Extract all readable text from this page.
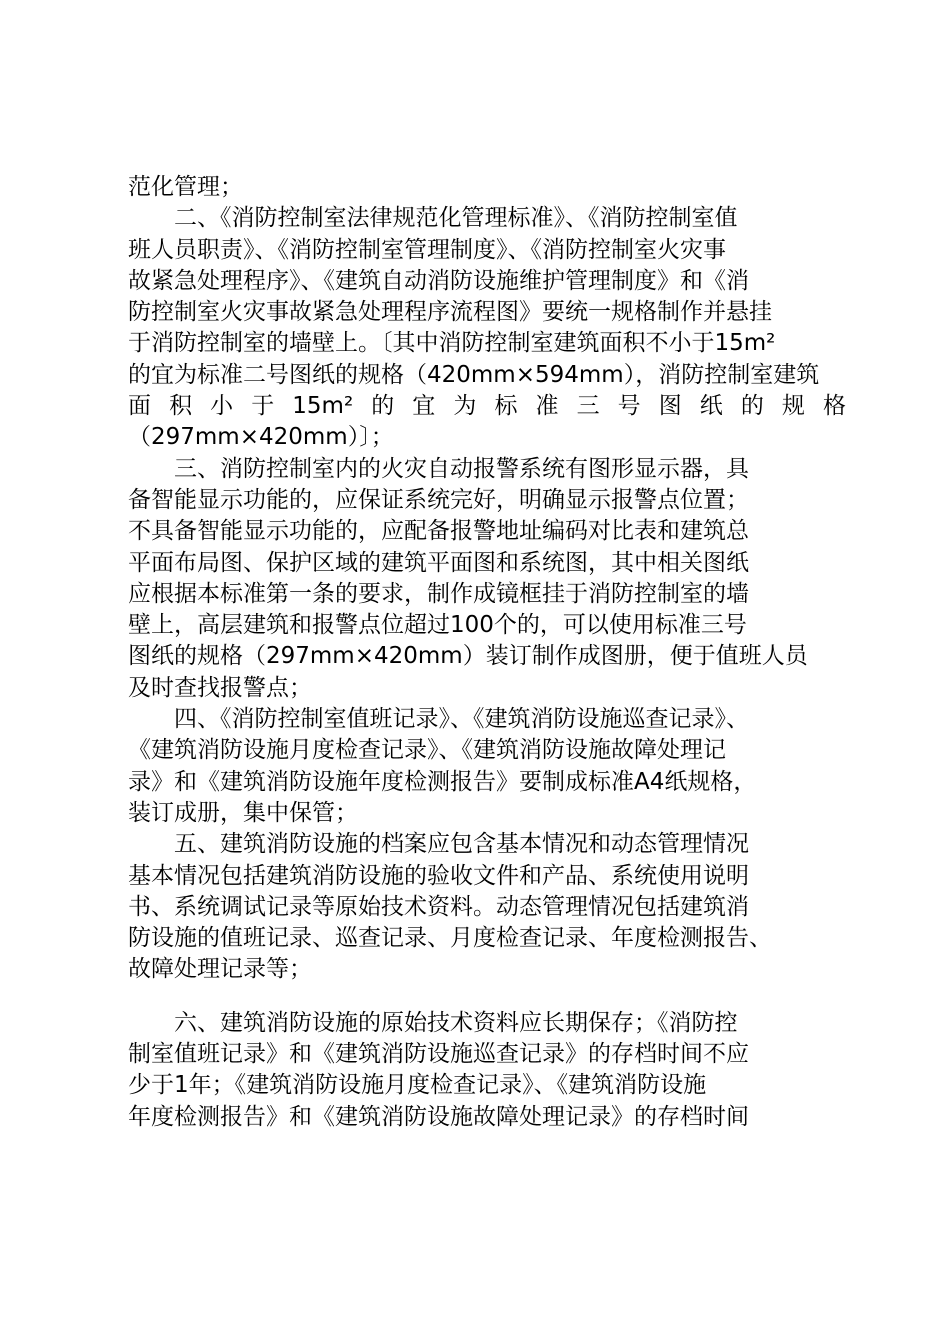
范化管理；
二、《消防控制室法律规范化管理标准》、《消防控制室值
班人员职责》、《消防控制室管理制度》、《消防控制室火灾事
故紧急处理程序》、《建筑自动消防设施维护管理制度》和《消
防控制室火灾事故紧急处理程序流程图》要统一规格制作并悬挂
于消防控制室的墙壁上。〔其中消防控制室建筑面积不小于15m²
的宜为标准二号图纸的规格（420mm×594mm），消防控制室建筑
面积小于15m²的宜为标准三号图纸的规格
（297mm×420mm）〕；
三、消防控制室内的火灾自动报警系统有图形显示器，具
备智能显示功能的，应保证系统完好，明确显示报警点位置；
不具备智能显示功能的，应配备报警地址编码对比表和建筑总
平面布局图、保护区域的建筑平面图和系统图，其中相关图纸
应根据本标准第一条的要求，制作成镜框挂于消防控制室的墙
壁上，高层建筑和报警点位超过100个的，可以使用标准三号
图纸的规格（297mm×420mm）装订制作成图册，便于值班人员
及时查找报警点；
四、《消防控制室值班记录》、《建筑消防设施巡查记录》、
《建筑消防设施月度检查记录》、《建筑消防设施故障处理记
录》和《建筑消防设施年度检测报告》要制成标准A4纸规格，
装订成册，集中保管；
五、建筑消防设施的档案应包含基本情况和动态管理情况
基本情况包括建筑消防设施的验收文件和产品、系统使用说明
书、系统调试记录等原始技术资料。动态管理情况包括建筑消
防设施的值班记录、巡查记录、月度检查记录、年度检测报告、
故障处理记录等；
六、建筑消防设施的原始技术资料应长期保存；《消防控
制室值班记录》和《建筑消防设施巡查记录》的存档时间不应
少于1年；《建筑消防设施月度检查记录》、《建筑消防设施
年度检测报告》和《建筑消防设施故障处理记录》的存档时间
